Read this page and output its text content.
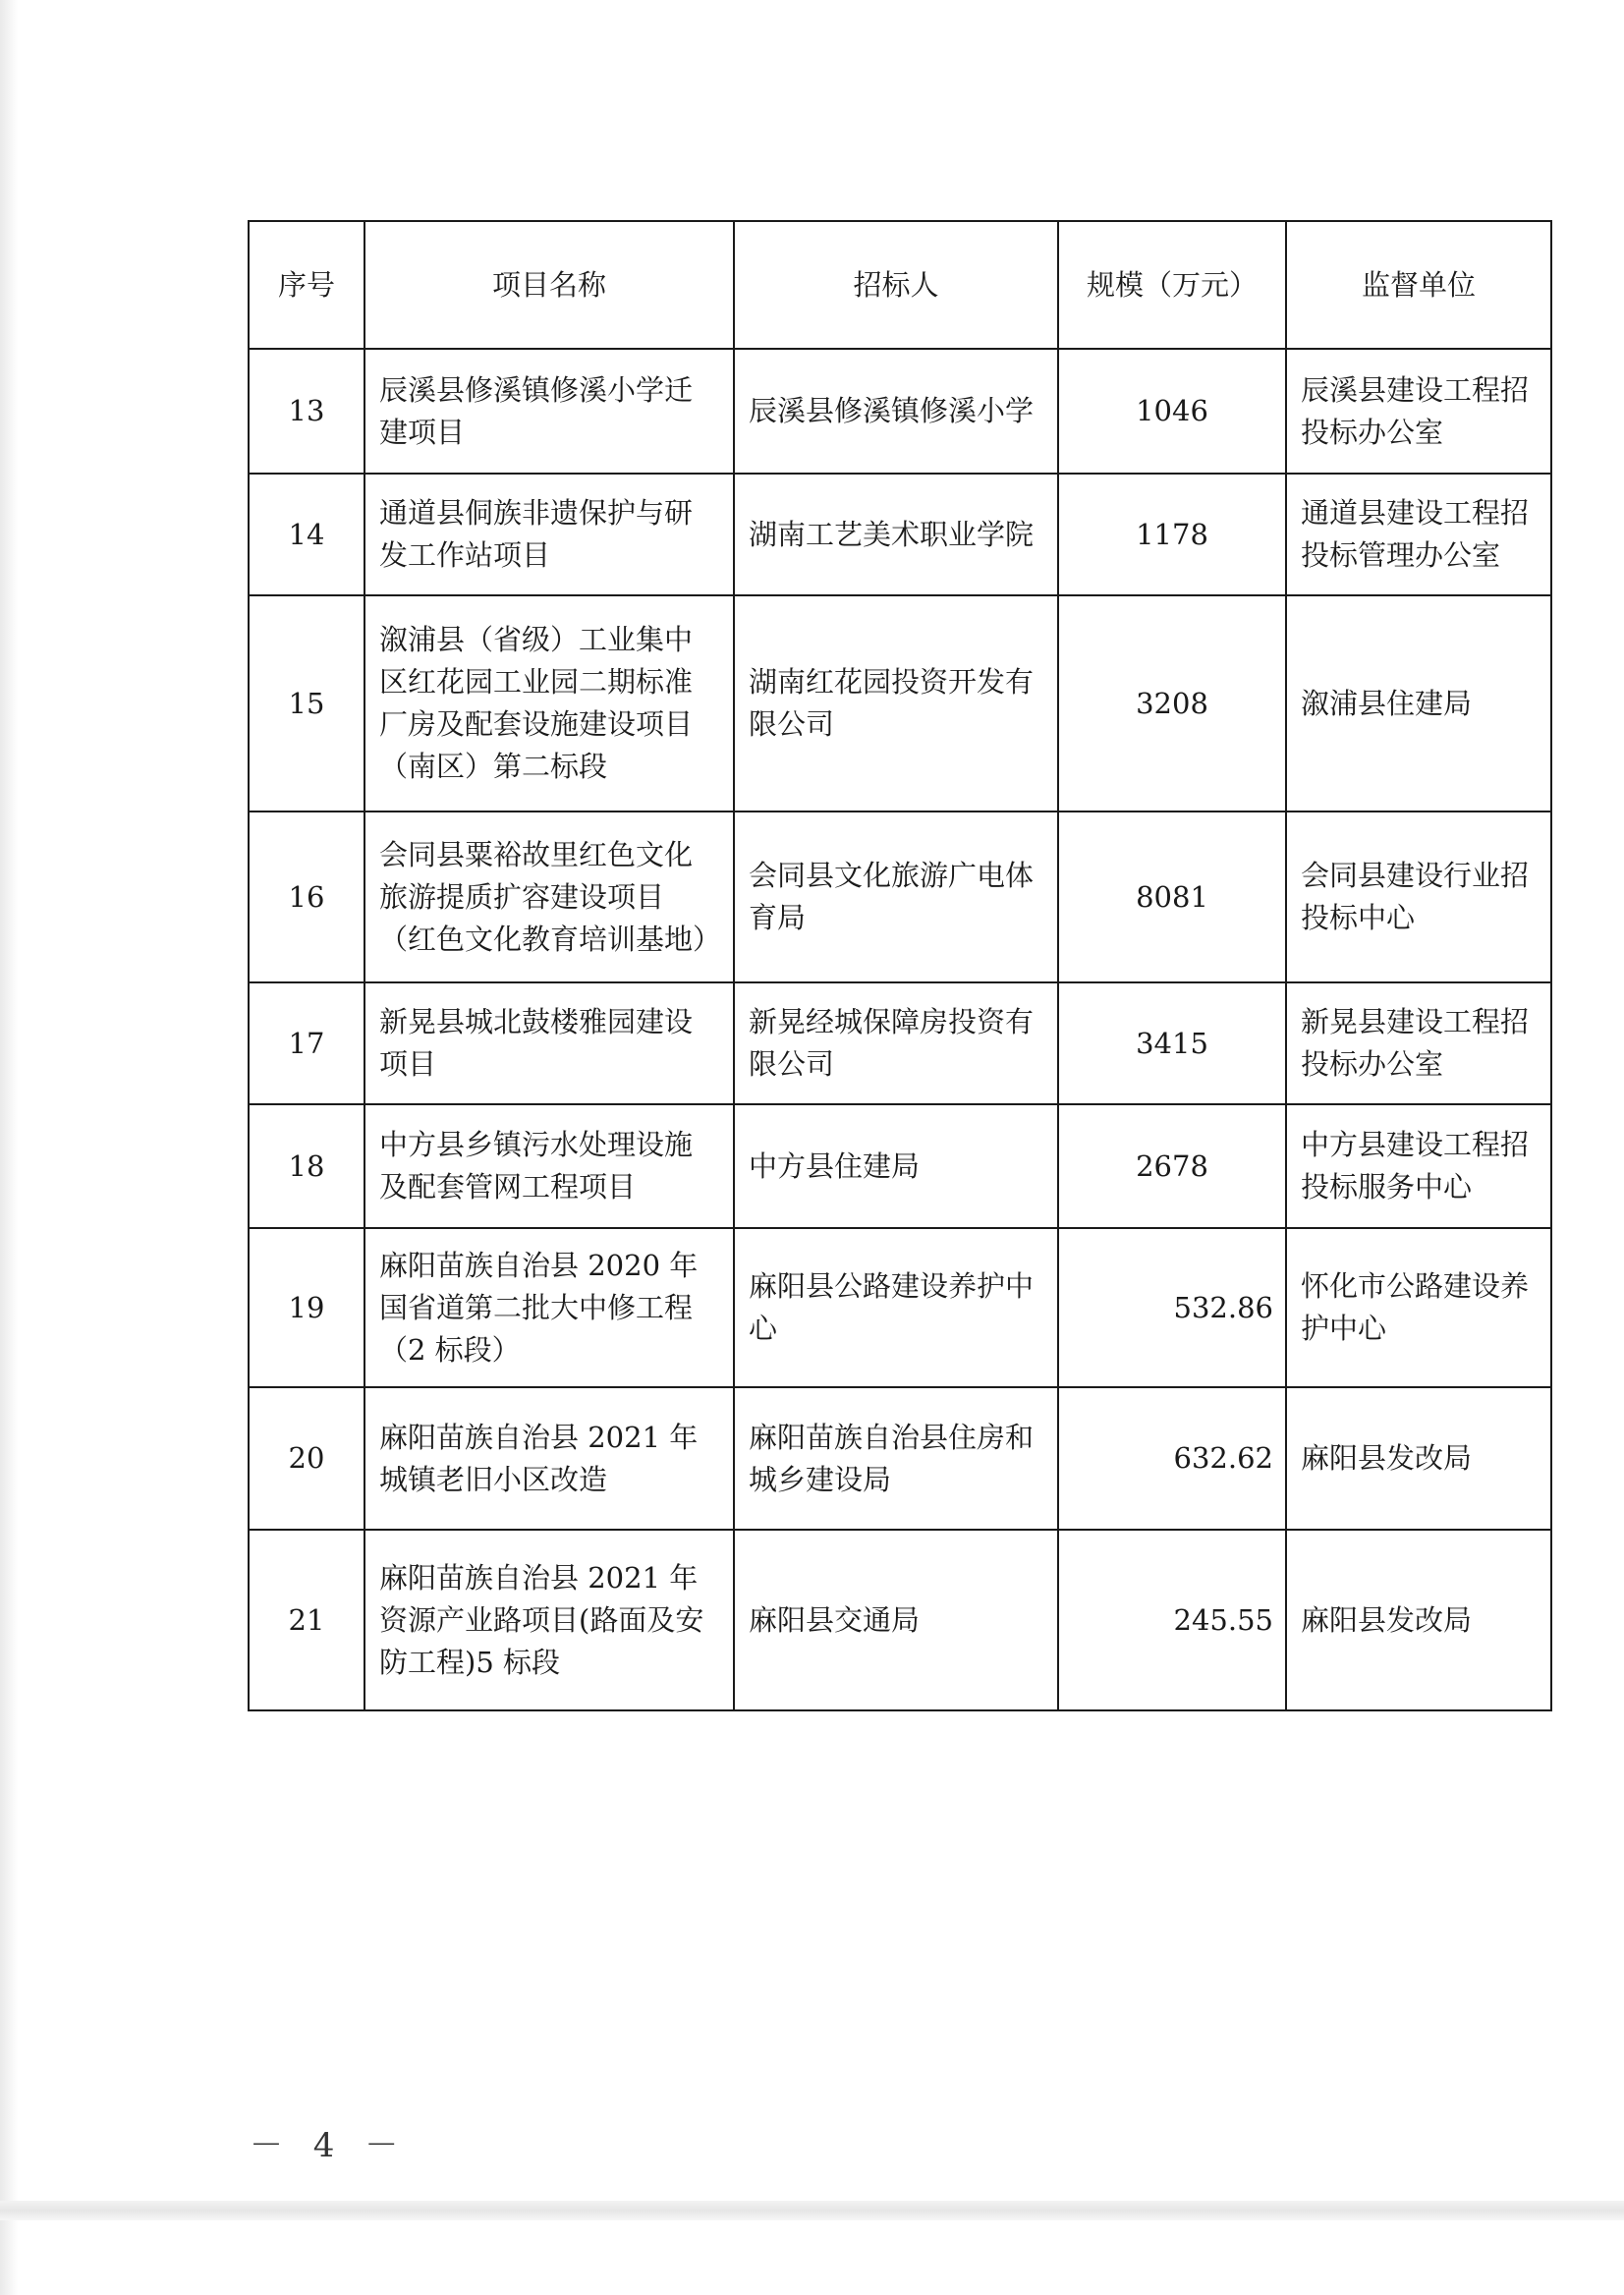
序号	项目名称	招标人	规模（万元）	监督单位
13	辰溪县修溪镇修溪小学迁建项目	辰溪县修溪镇修溪小学	1046	辰溪县建设工程招投标办公室
14	通道县侗族非遗保护与研发工作站项目	湖南工艺美术职业学院	1178	通道县建设工程招投标管理办公室
15	溆浦县（省级）工业集中区红花园工业园二期标准厂房及配套设施建设项目（南区）第二标段	湖南红花园投资开发有限公司	3208	溆浦县住建局
16	会同县粟裕故里红色文化旅游提质扩容建设项目（红色文化教育培训基地）	会同县文化旅游广电体育局	8081	会同县建设行业招投标中心
17	新晃县城北鼓楼雅园建设项目	新晃经城保障房投资有限公司	3415	新晃县建设工程招投标办公室
18	中方县乡镇污水处理设施及配套管网工程项目	中方县住建局	2678	中方县建设工程招投标服务中心
19	麻阳苗族自治县 2020 年国省道第二批大中修工程（2 标段）	麻阳县公路建设养护中心	532.86	怀化市公路建设养护中心
20	麻阳苗族自治县 2021 年城镇老旧小区改造	麻阳苗族自治县住房和城乡建设局	632.62	麻阳县发改局
21	麻阳苗族自治县 2021 年资源产业路项目(路面及安防工程)5 标段	麻阳县交通局	245.55	麻阳县发改局
－ 4 －
